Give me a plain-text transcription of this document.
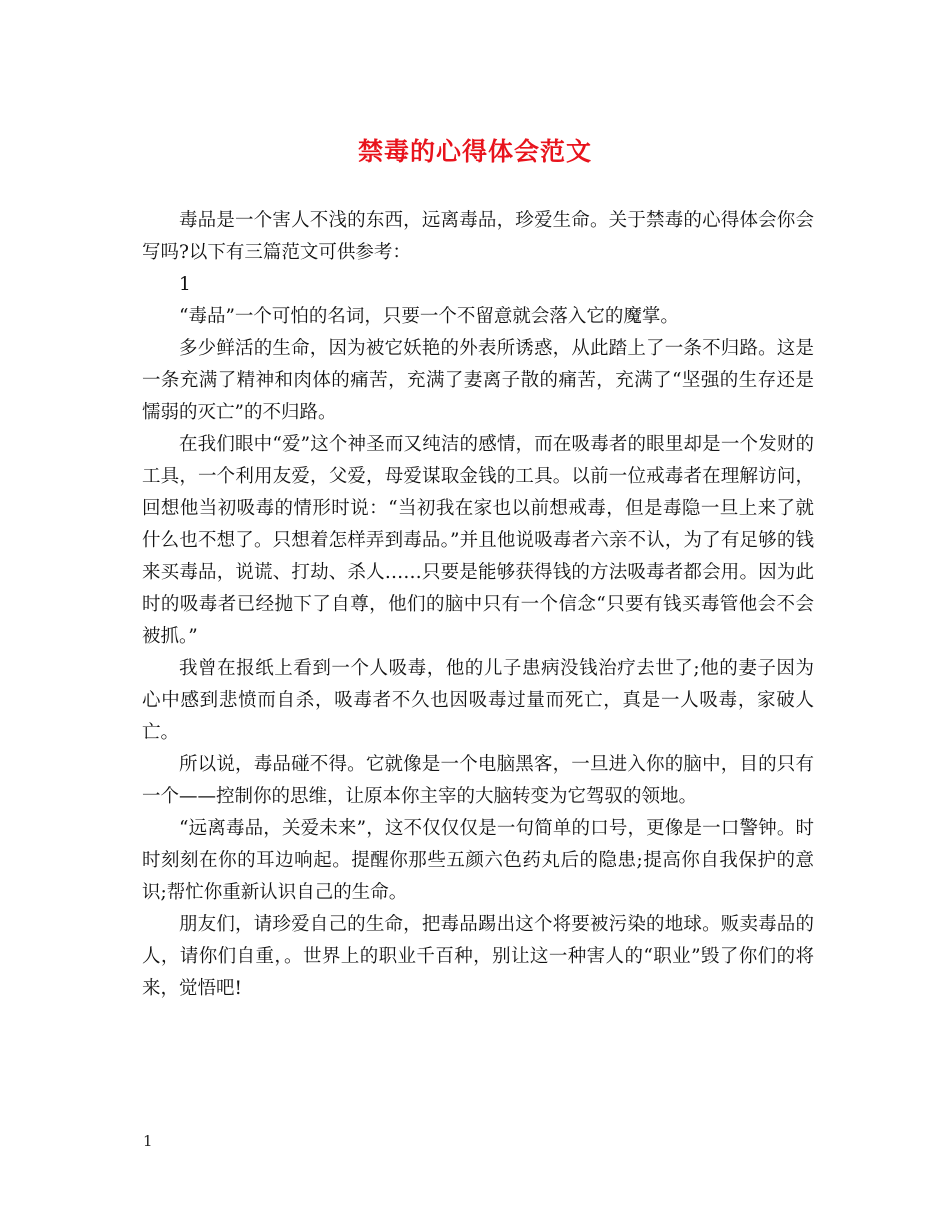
禁毒的心得体会范文

毒品是一个害人不浅的东西，远离毒品，珍爱生命。关于禁毒的心得体会你会写吗?以下有三篇范文可供参考：

1

“毒品”一个可怕的名词，只要一个不留意就会落入它的魔掌。

多少鲜活的生命，因为被它妖艳的外表所诱惑，从此踏上了一条不归路。这是一条充满了精神和肉体的痛苦，充满了妻离子散的痛苦，充满了“坚强的生存还是懦弱的灭亡”的不归路。

在我们眼中“爱”这个神圣而又纯洁的感情，而在吸毒者的眼里却是一个发财的工具，一个利用友爱，父爱，母爱谋取金钱的工具。以前一位戒毒者在理解访问，回想他当初吸毒的情形时说：“当初我在家也以前想戒毒，但是毒隐一旦上来了就什么也不想了。只想着怎样弄到毒品。”并且他说吸毒者六亲不认，为了有足够的钱来买毒品，说谎、打劫、杀人……只要是能够获得钱的方法吸毒者都会用。因为此时的吸毒者已经抛下了自尊，他们的脑中只有一个信念“只要有钱买毒管他会不会被抓。”

我曾在报纸上看到一个人吸毒，他的儿子患病没钱治疗去世了;他的妻子因为心中感到悲愤而自杀，吸毒者不久也因吸毒过量而死亡，真是一人吸毒，家破人亡。

所以说，毒品碰不得。它就像是一个电脑黑客，一旦进入你的脑中，目的只有一个——控制你的思维，让原本你主宰的大脑转变为它驾驭的领地。

“远离毒品，关爱未来”，这不仅仅仅是一句简单的口号，更像是一口警钟。时时刻刻在你的耳边响起。提醒你那些五颜六色药丸后的隐患;提高你自我保护的意识;帮忙你重新认识自己的生命。

朋友们，请珍爱自己的生命，把毒品踢出这个将要被污染的地球。贩卖毒品的人，请你们自重，。世界上的职业千百种，别让这一种害人的“职业”毁了你们的将来，觉悟吧!

1
